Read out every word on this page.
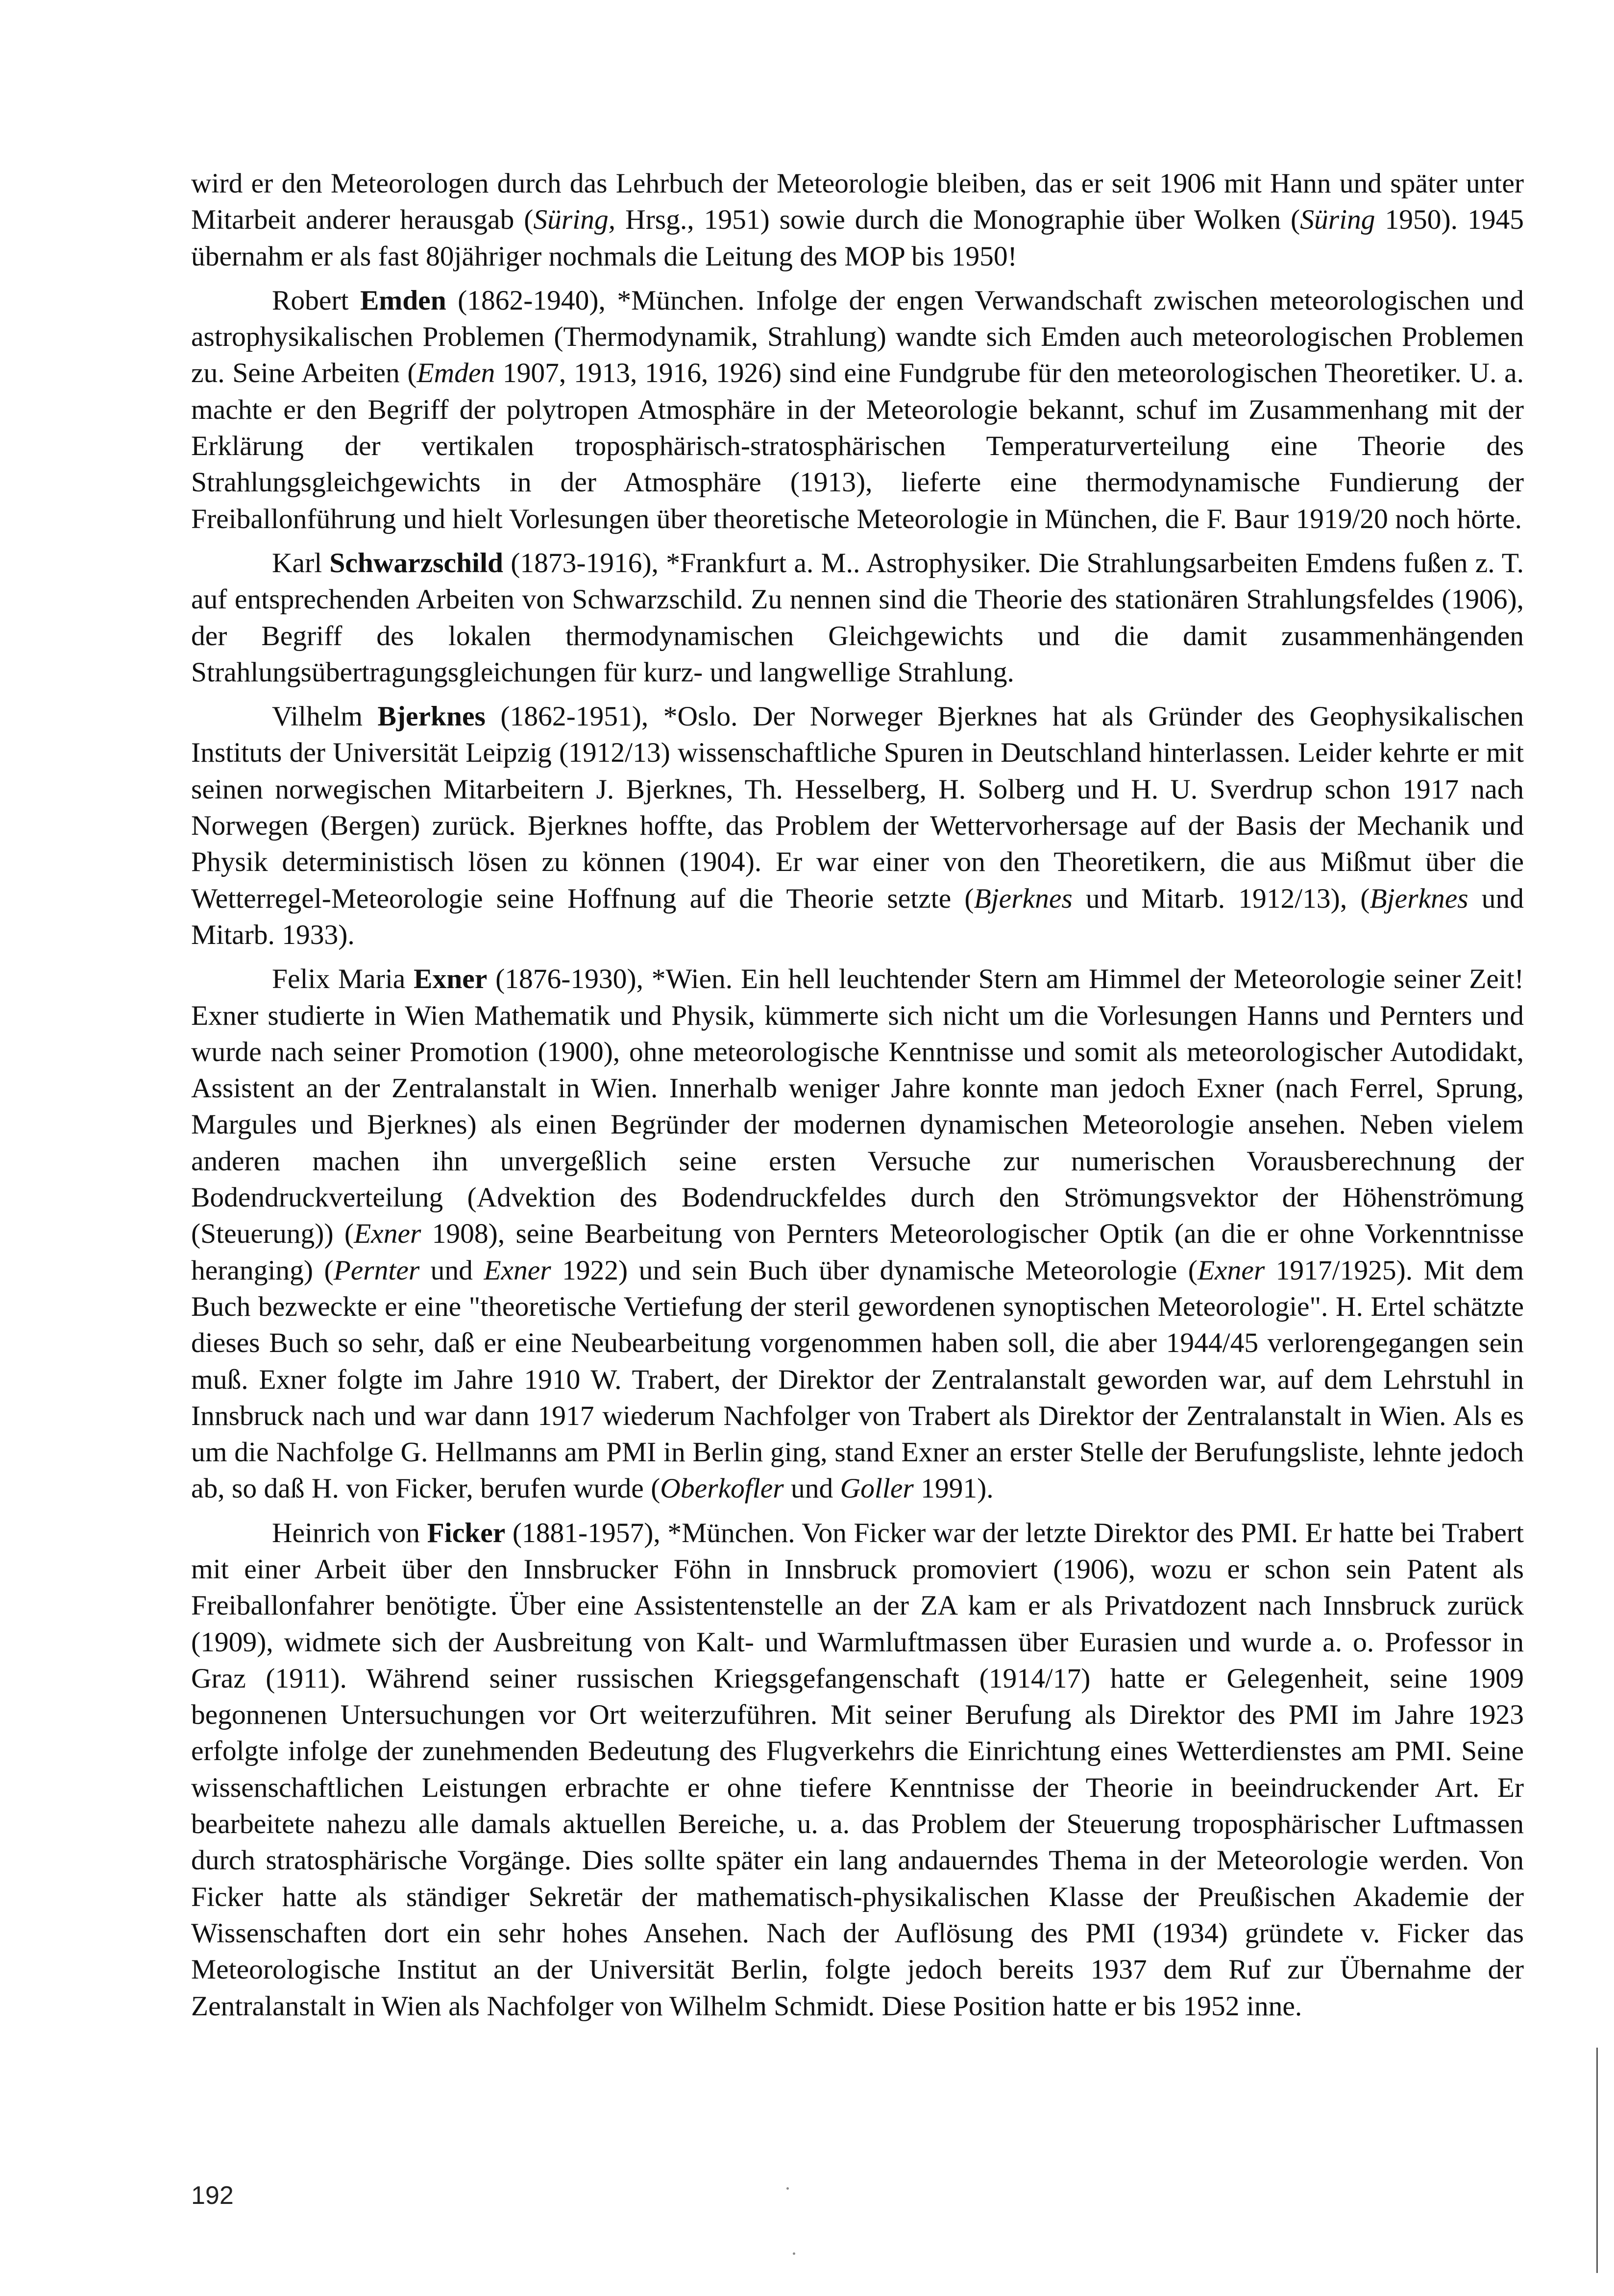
wird er den Meteorologen durch das Lehrbuch der Meteorologie bleiben, das er seit 1906 mit Hann und später unter Mitarbeit anderer herausgab (Süring, Hrsg., 1951) sowie durch die Monographie über Wolken (Süring 1950). 1945 übernahm er als fast 80jähriger nochmals die Leitung des MOP bis 1950!

Robert Emden (1862-1940), *München. Infolge der engen Verwandschaft zwischen meteorologischen und astrophysikalischen Problemen (Thermodynamik, Strahlung) wandte sich Emden auch meteorologischen Problemen zu. Seine Arbeiten (Emden 1907, 1913, 1916, 1926) sind eine Fundgrube für den meteorologischen Theoretiker. U. a. machte er den Begriff der polytropen Atmosphäre in der Meteorologie bekannt, schuf im Zusammenhang mit der Erklärung der vertikalen troposphärisch-stratosphärischen Temperaturverteilung eine Theorie des Strahlungsgleichgewichts in der Atmosphäre (1913), lieferte eine thermodynamische Fundierung der Freiballonführung und hielt Vorlesungen über theoretische Meteorologie in München, die F. Baur 1919/20 noch hörte.

Karl Schwarzschild (1873-1916), *Frankfurt a. M.. Astrophysiker. Die Strahlungsarbeiten Emdens fußen z. T. auf entsprechenden Arbeiten von Schwarzschild. Zu nennen sind die Theorie des stationären Strahlungsfeldes (1906), der Begriff des lokalen thermodynamischen Gleichgewichts und die damit zusammenhängenden Strahlungsübertragungsgleichungen für kurz- und langwellige Strahlung.

Vilhelm Bjerknes (1862-1951), *Oslo. Der Norweger Bjerknes hat als Gründer des Geophysikalischen Instituts der Universität Leipzig (1912/13) wissenschaftliche Spuren in Deutschland hinterlassen. Leider kehrte er mit seinen norwegischen Mitarbeitern J. Bjerknes, Th. Hesselberg, H. Solberg und H. U. Sverdrup schon 1917 nach Norwegen (Bergen) zurück. Bjerknes hoffte, das Problem der Wettervorhersage auf der Basis der Mechanik und Physik deterministisch lösen zu können (1904). Er war einer von den Theoretikern, die aus Mißmut über die Wetterregel-Meteorologie seine Hoffnung auf die Theorie setzte (Bjerknes und Mitarb. 1912/13), (Bjerknes und Mitarb. 1933).

Felix Maria Exner (1876-1930), *Wien. Ein hell leuchtender Stern am Himmel der Meteorologie seiner Zeit! Exner studierte in Wien Mathematik und Physik, kümmerte sich nicht um die Vorlesungen Hanns und Pernters und wurde nach seiner Promotion (1900), ohne meteorologische Kenntnisse und somit als meteorologischer Autodidakt, Assistent an der Zentralanstalt in Wien. Innerhalb weniger Jahre konnte man jedoch Exner (nach Ferrel, Sprung, Margules und Bjerknes) als einen Begründer der modernen dynamischen Meteorologie ansehen. Neben vielem anderen machen ihn unvergeßlich seine ersten Versuche zur numerischen Vorausberechnung der Bodendruckverteilung (Advektion des Bodendruckfeldes durch den Strömungsvektor der Höhenströmung (Steuerung)) (Exner 1908), seine Bearbeitung von Pernters Meteorologischer Optik (an die er ohne Vorkenntnisse heranging) (Pernter und Exner 1922) und sein Buch über dynamische Meteorologie (Exner 1917/1925). Mit dem Buch bezweckte er eine "theoretische Vertiefung der steril gewordenen synoptischen Meteorologie". H. Ertel schätzte dieses Buch so sehr, daß er eine Neubearbeitung vorgenommen haben soll, die aber 1944/45 verlorengegangen sein muß. Exner folgte im Jahre 1910 W. Trabert, der Direktor der Zentralanstalt geworden war, auf dem Lehrstuhl in Innsbruck nach und war dann 1917 wiederum Nachfolger von Trabert als Direktor der Zentralanstalt in Wien. Als es um die Nachfolge G. Hellmanns am PMI in Berlin ging, stand Exner an erster Stelle der Berufungsliste, lehnte jedoch ab, so daß H. von Ficker, berufen wurde (Oberkofler und Goller 1991).

Heinrich von Ficker (1881-1957), *München. Von Ficker war der letzte Direktor des PMI. Er hatte bei Trabert mit einer Arbeit über den Innsbrucker Föhn in Innsbruck promoviert (1906), wozu er schon sein Patent als Freiballonfahrer benötigte. Über eine Assistentenstelle an der ZA kam er als Privatdozent nach Innsbruck zurück (1909), widmete sich der Ausbreitung von Kalt- und Warmluftmassen über Eurasien und wurde a. o. Professor in Graz (1911). Während seiner russischen Kriegsgefangenschaft (1914/17) hatte er Gelegenheit, seine 1909 begonnenen Untersuchungen vor Ort weiterzuführen. Mit seiner Berufung als Direktor des PMI im Jahre 1923 erfolgte infolge der zunehmenden Bedeutung des Flugverkehrs die Einrichtung eines Wetterdienstes am PMI. Seine wissenschaftlichen Leistungen erbrachte er ohne tiefere Kenntnisse der Theorie in beeindruckender Art. Er bearbeitete nahezu alle damals aktuellen Bereiche, u. a. das Problem der Steuerung troposphärischer Luftmassen durch stratosphärische Vorgänge. Dies sollte später ein lang andauerndes Thema in der Meteorologie werden. Von Ficker hatte als ständiger Sekretär der mathematisch-physikalischen Klasse der Preußischen Akademie der Wissenschaften dort ein sehr hohes Ansehen. Nach der Auflösung des PMI (1934) gründete v. Ficker das Meteorologische Institut an der Universität Berlin, folgte jedoch bereits 1937 dem Ruf zur Übernahme der Zentralanstalt in Wien als Nachfolger von Wilhelm Schmidt. Diese Position hatte er bis 1952 inne.

192
